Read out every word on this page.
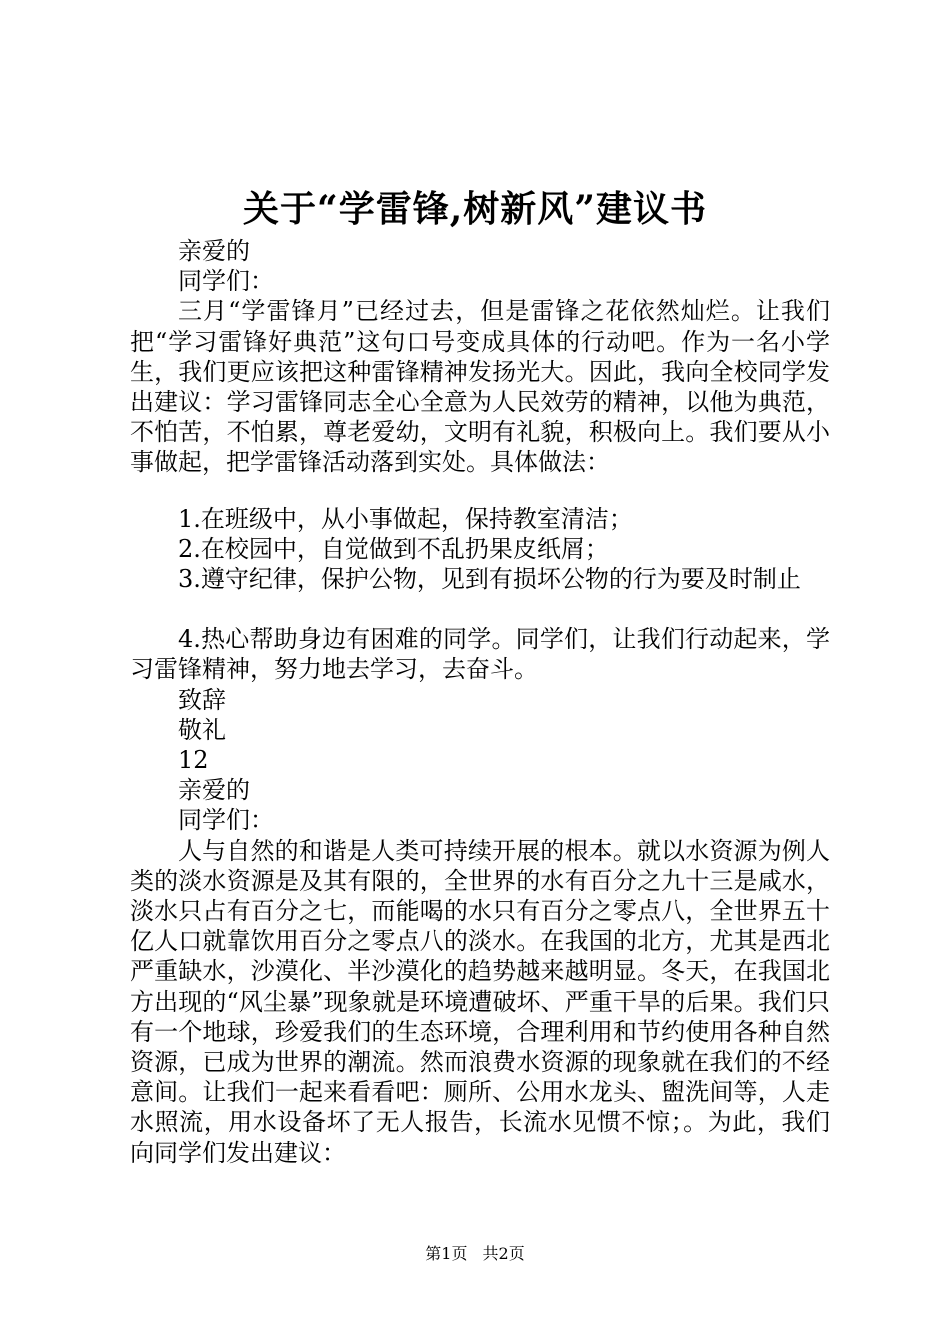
关于“学雷锋,树新风”建议书
亲爱的
同学们：
三月“学雷锋月”已经过去，但是雷锋之花依然灿烂。让我们把“学习雷锋好典范”这句口号变成具体的行动吧。作为一名小学生，我们更应该把这种雷锋精神发扬光大。因此，我向全校同学发出建议：学习雷锋同志全心全意为人民效劳的精神，以他为典范，不怕苦，不怕累，尊老爱幼，文明有礼貌，积极向上。我们要从小事做起，把学雷锋活动落到实处。具体做法：
1.在班级中，从小事做起，保持教室清洁；
2.在校园中，自觉做到不乱扔果皮纸屑；
3.遵守纪律，保护公物，见到有损坏公物的行为要及时制止
4.热心帮助身边有困难的同学。同学们，让我们行动起来，学习雷锋精神，努力地去学习，去奋斗。
致辞
敬礼
12
亲爱的
同学们：
人与自然的和谐是人类可持续开展的根本。就以水资源为例人类的淡水资源是及其有限的，全世界的水有百分之九十三是咸水，淡水只占有百分之七，而能喝的水只有百分之零点八，全世界五十亿人口就靠饮用百分之零点八的淡水。在我国的北方，尤其是西北严重缺水，沙漠化、半沙漠化的趋势越来越明显。冬天，在我国北方出现的“风尘暴”现象就是环境遭破坏、严重干旱的后果。我们只有一个地球，珍爱我们的生态环境，合理利用和节约使用各种自然资源，已成为世界的潮流。然而浪费水资源的现象就在我们的不经意间。让我们一起来看看吧：厕所、公用水龙头、盥洗间等，人走水照流，用水设备坏了无人报告，长流水见惯不惊；。为此，我们向同学们发出建议：
第1页 共2页
